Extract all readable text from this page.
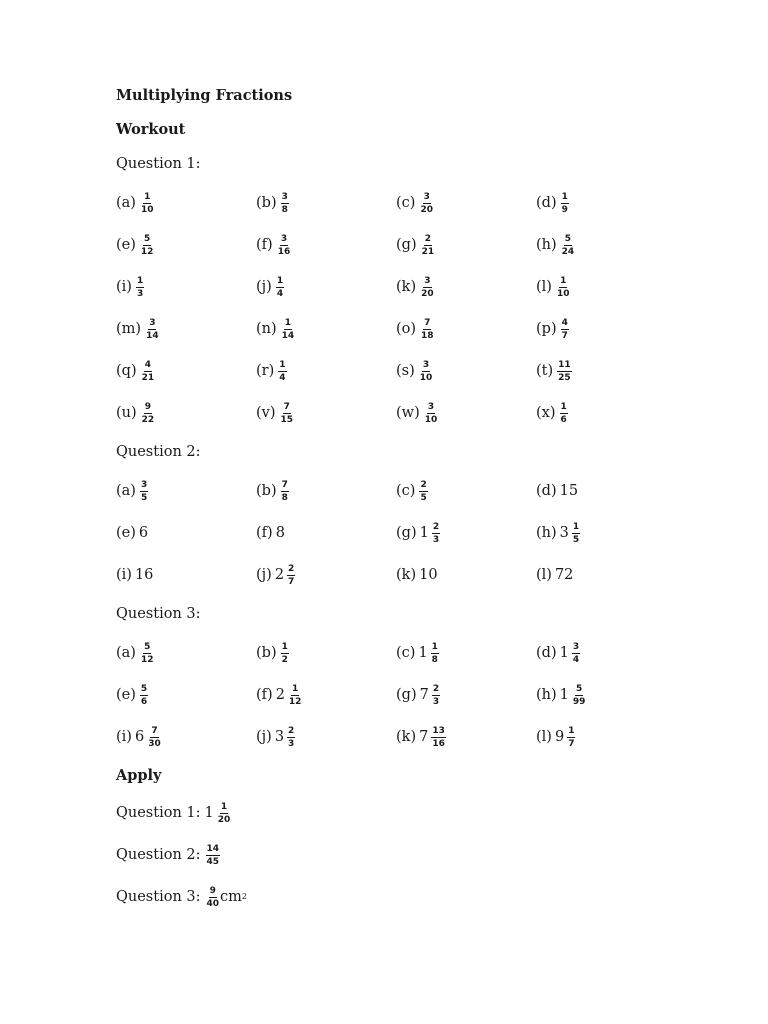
Multiplying Fractions
Workout
Question 1:
$(a) \frac{1}{10}$	$(b) \frac{3}{8}$	$(c) \frac{3}{20}$	$(d) \frac{1}{9}$
$(e) \frac{5}{12}$	$(f) \frac{3}{16}$	$(g) \frac{2}{21}$	$(h) \frac{5}{24}$
$(i) \frac{1}{3}$	$(j) \frac{1}{4}$	$(k) \frac{3}{20}$	$(l) \frac{1}{10}$
$(m) \frac{3}{14}$	$(n) \frac{1}{14}$	$(o) \frac{7}{18}$	$(p) \frac{4}{7}$
$(q) \frac{4}{21}$	$(r) \frac{1}{4}$	$(s) \frac{3}{10}$	$(t) \frac{11}{25}$
$(u) \frac{9}{22}$	$(v) \frac{7}{15}$	$(w) \frac{3}{10}$	$(x) \frac{1}{6}$
Question 2:
$(a) \frac{3}{5}$	$(b) \frac{7}{8}$	$(c) \frac{2}{5}$	(d) 15
(e) 6	(f) 8	(g) $1 \frac{2}{3}$	(h) $3 \frac{1}{5}$
(i) 16	(j) $2 \frac{2}{7}$	(k) 10	(l) 72
Question 3:
$(a) \frac{5}{12}$	$(b) \frac{1}{2}$	(c) $1 \frac{1}{8}$	(d) $1 \frac{3}{4}$
$(e) \frac{5}{6}$	(f) $2 \frac{1}{12}$	(g) $7 \frac{2}{3}$	(h) $1 \frac{5}{99}$
(i) $6 \frac{7}{30}$	(j) $3 \frac{2}{3}$	(k) $7 \frac{13}{16}$	(l) $9 \frac{1}{7}$
Apply
Question 1: $1 \frac{1}{20}$
Question 2: $\frac{14}{45}$
Question 3: $\frac{9}{40}$ cm 2
